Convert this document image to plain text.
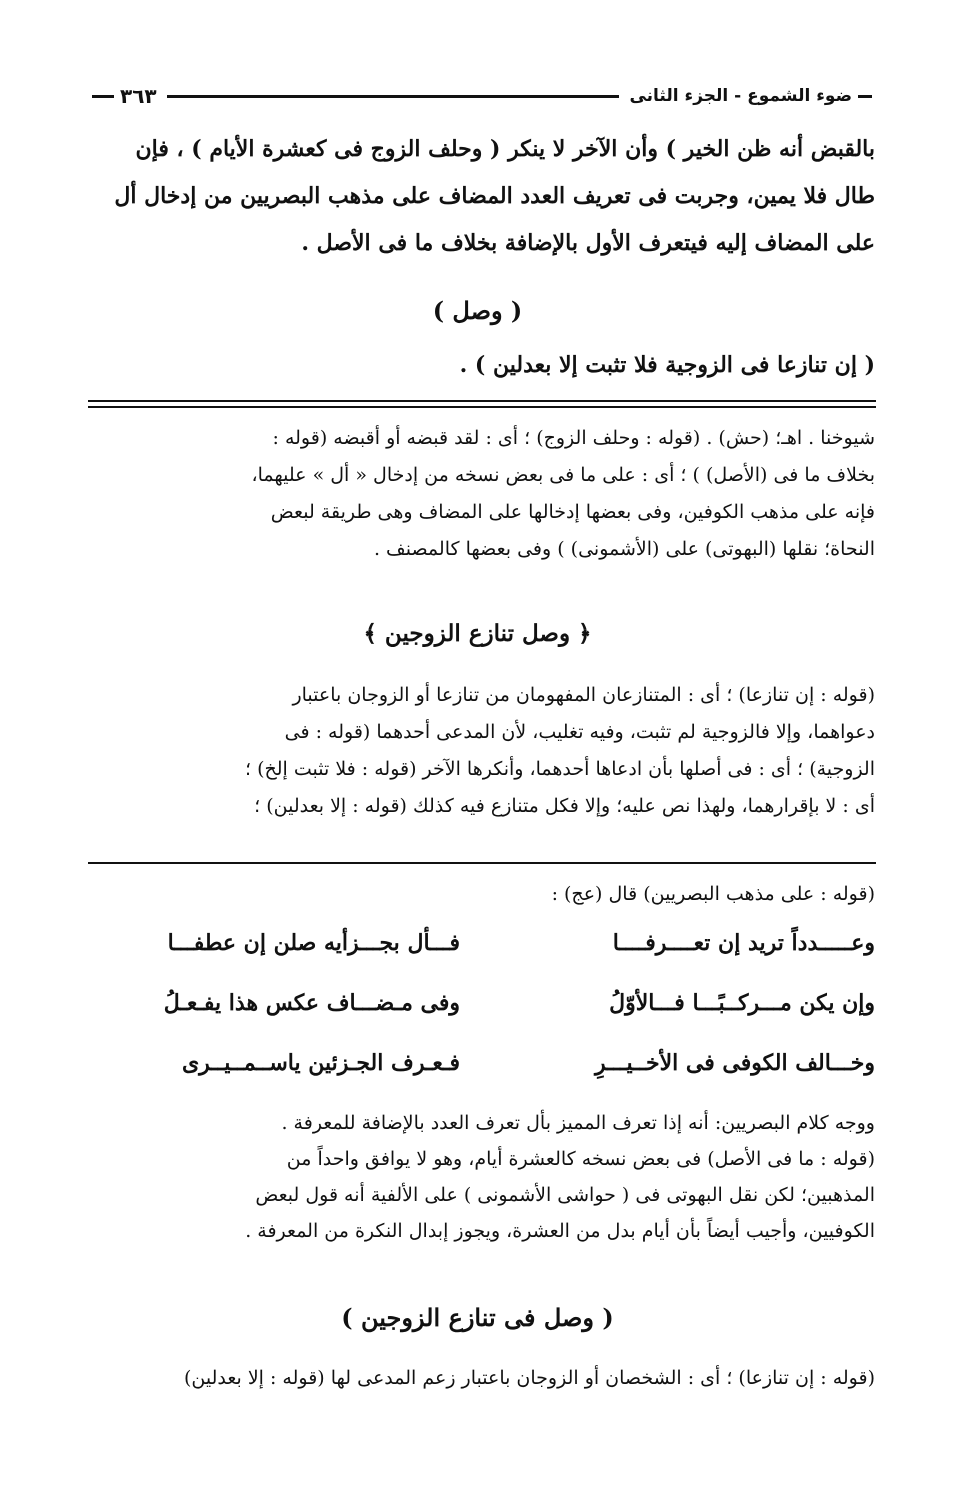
ضوء الشموع - الجزء الثانى
٣٦٣

بالقبض أنه ظن الخير ) وأن الآخر لا ينكر ( وحلف الزوج فى كعشرة الأيام ) ، فإن

طال فلا يمين، وجربت فى تعريف العدد المضاف على مذهب البصريين من إدخال أل

على المضاف إليه فيتعرف الأول بالإضافة بخلاف ما فى الأصل .

( وصل )
( إن تنازعا فى الزوجية فلا تثبت إلا بعدلين ) .

شيوخنا . اهـ؛ (حش) . (قوله : وحلف الزوج) ؛ أى : لقد قبضه أو أقبضه (قوله :

بخلاف ما فى (الأصل) ) ؛ أى : على ما فى بعض نسخه من إدخال « أل » عليهما،

فإنه على مذهب الكوفين، وفى بعضها إدخالها على المضاف وهى طريقة لبعض

النحاة؛ نقلها (البهوتى) على (الأشمونى) ) وفى بعضها كالمصنف .

﴿ وصل تنازع الزوجين ﴾

(قوله : إن تنازعا) ؛ أى : المتنازعان المفهومان من تنازعا أو الزوجان باعتبار

دعواهما، وإلا فالزوجية لم تثبت، وفيه تغليب، لأن المدعى أحدهما (قوله : فى

الزوجية) ؛ أى : فى أصلها بأن ادعاها أحدهما، وأنكرها الآخر (قوله : فلا تثبت إلخ) ؛

أى : لا بإقرارهما، ولهذا نص عليه؛ وإلا فكل متنازع فيه كذلك (قوله : إلا بعدلين) ؛

(قوله : على مذهب البصريين) قال (عج) :
وعـــــدداً تريد إن تعــــرفــــا
فـــأل بجـــزأيه صلن إن عطفـــا
وإن يكن مـــركــبًـــا فـــالأوّلُ
وفى مـضـــاف عكس هذا يفـعـلُ
وخـــالف الكوفى فى الأخــيـــرِ
فـعـرف الجـزئين ياســمــيــرى

ووجه كلام البصريين: أنه إذا تعرف المميز بأل تعرف العدد بالإضافة للمعرفة .

(قوله : ما فى الأصل) فى بعض نسخه كالعشرة أيام، وهو لا يوافق واحداً من

المذهبين؛ لكن نقل البهوتى فى ( حواشى الأشمونى ) على الألفية أنه قول لبعض

الكوفيين، وأجيب أيضاً بأن أيام بدل من العشرة، ويجوز إبدال النكرة من المعرفة .

( وصل فى تنازع الزوجين )
(قوله : إن تنازعا) ؛ أى : الشخصان أو الزوجان باعتبار زعم المدعى لها (قوله : إلا بعدلين)
